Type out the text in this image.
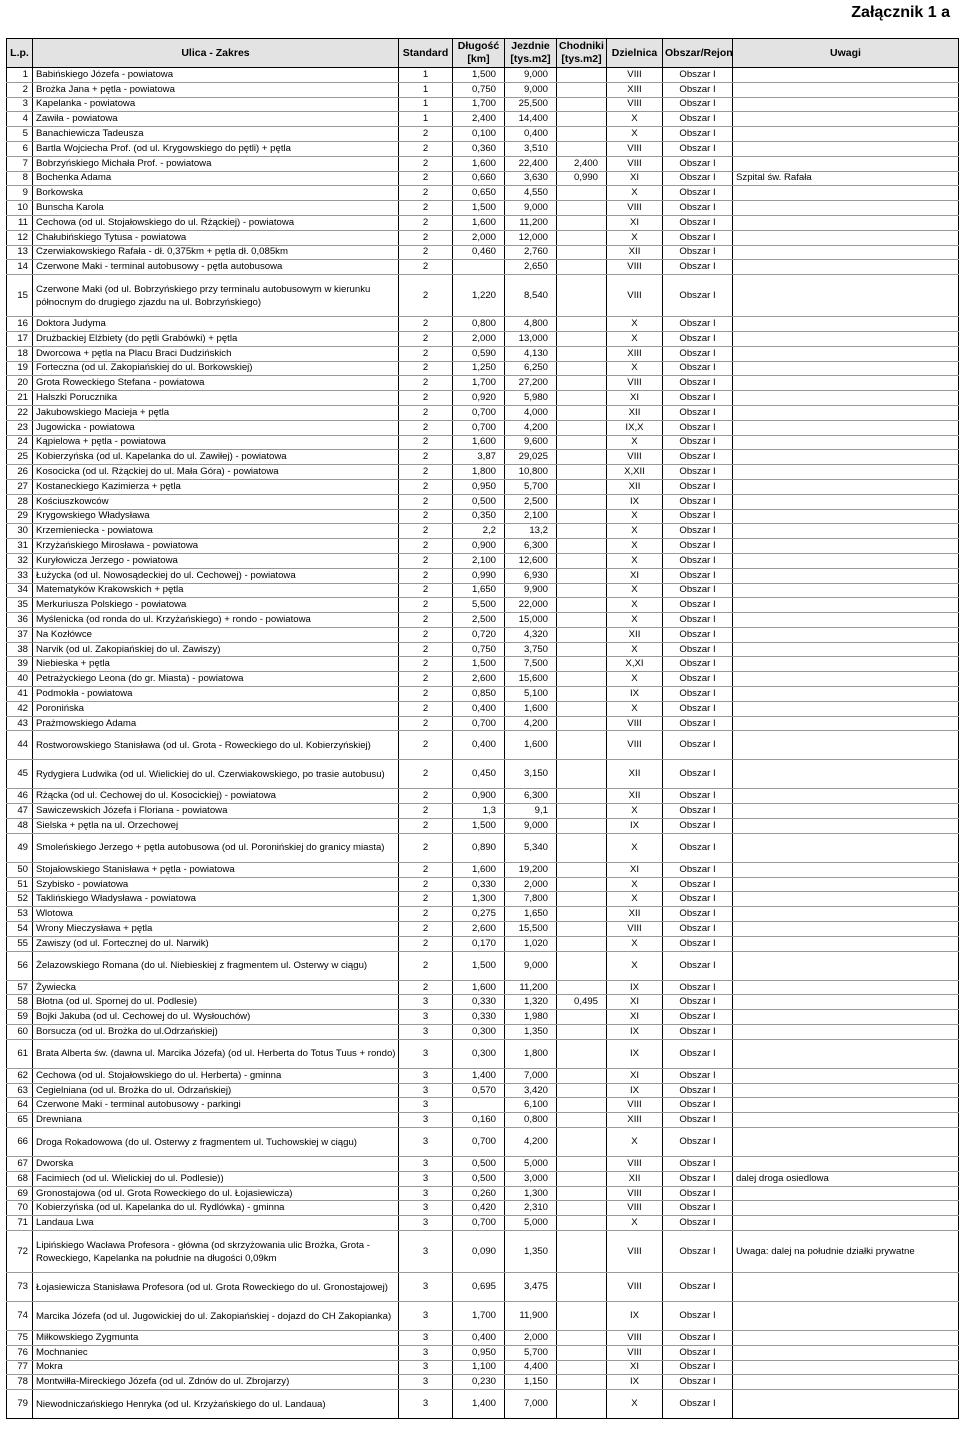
Załącznik 1 a
L.p.	Ulica - Zakres	Standard	Długość [km]	Jezdnie [tys.m2]	Chodniki [tys.m2]	Dzielnica	Obszar/Rejon	Uwagi
1	Babińskiego Józefa - powiatowa	1	1,500	9,000		VIII	Obszar I	
2	Brożka Jana + pętla - powiatowa	1	0,750	9,000		XIII	Obszar I	
3	Kapelanka - powiatowa	1	1,700	25,500		VIII	Obszar I	
4	Zawiła - powiatowa	1	2,400	14,400		X	Obszar I	
5	Banachiewicza Tadeusza	2	0,100	0,400		X	Obszar I	
6	Bartla Wojciecha Prof. (od ul. Krygowskiego do pętli) + pętla	2	0,360	3,510		VIII	Obszar I	
7	Bobrzyńskiego Michała Prof. - powiatowa	2	1,600	22,400	2,400	VIII	Obszar I	
8	Bochenka Adama	2	0,660	3,630	0,990	XI	Obszar I	Szpital św. Rafała
9	Borkowska	2	0,650	4,550		X	Obszar I	
10	Bunscha Karola	2	1,500	9,000		VIII	Obszar I	
11	Cechowa (od ul. Stojałowskiego do ul. Rżąckiej) - powiatowa	2	1,600	11,200		XI	Obszar I	
12	Chałubińskiego Tytusa - powiatowa	2	2,000	12,000		X	Obszar I	
13	Czerwiakowskiego Rafała - dł. 0,375km + pętla dł. 0,085km	2	0,460	2,760		XII	Obszar I	
14	Czerwone Maki - terminal autobusowy - pętla autobusowa	2		2,650		VIII	Obszar I	
15	Czerwone Maki (od ul. Bobrzyńskiego przy terminalu autobusowym w kierunku północnym do drugiego zjazdu na ul. Bobrzyńskiego)	2	1,220	8,540		VIII	Obszar I	
16	Doktora Judyma	2	0,800	4,800		X	Obszar I	
17	Drużbackiej Elżbiety (do pętli Grabówki) + pętla	2	2,000	13,000		X	Obszar I	
18	Dworcowa + pętla na Placu Braci Dudzińskich	2	0,590	4,130		XIII	Obszar I	
19	Forteczna (od ul. Zakopiańskiej do ul. Borkowskiej)	2	1,250	6,250		X	Obszar I	
20	Grota Roweckiego Stefana - powiatowa	2	1,700	27,200		VIII	Obszar I	
21	Halszki Porucznika	2	0,920	5,980		XI	Obszar I	
22	Jakubowskiego Macieja + pętla	2	0,700	4,000		XII	Obszar I	
23	Jugowicka - powiatowa	2	0,700	4,200		IX,X	Obszar I	
24	Kąpielowa + pętla - powiatowa	2	1,600	9,600		X	Obszar I	
25	Kobierzyńska (od ul. Kapelanka do ul. Zawiłej) - powiatowa	2	3,87	29,025		VIII	Obszar I	
26	Kosocicka (od ul. Rżąckiej do ul. Mała Góra) - powiatowa	2	1,800	10,800		X,XII	Obszar I	
27	Kostaneckiego Kazimierza + pętla	2	0,950	5,700		XII	Obszar I	
28	Kościuszkowców	2	0,500	2,500		IX	Obszar I	
29	Krygowskiego Władysława	2	0,350	2,100		X	Obszar I	
30	Krzemieniecka - powiatowa	2	2,2	13,2		X	Obszar I	
31	Krzyżańskiego Mirosława - powiatowa	2	0,900	6,300		X	Obszar I	
32	Kuryłowicza Jerzego - powiatowa	2	2,100	12,600		X	Obszar I	
33	Łużycka (od ul. Nowosądeckiej do ul. Cechowej) - powiatowa	2	0,990	6,930		XI	Obszar I	
34	Matematyków Krakowskich + pętla	2	1,650	9,900		X	Obszar I	
35	Merkuriusza Polskiego - powiatowa	2	5,500	22,000		X	Obszar I	
36	Myślenicka (od ronda do ul. Krzyżańskiego) + rondo - powiatowa	2	2,500	15,000		X	Obszar I	
37	Na Kozłówce	2	0,720	4,320		XII	Obszar I	
38	Narvik (od ul. Zakopiańskiej do ul. Zawiszy)	2	0,750	3,750		X	Obszar I	
39	Niebieska + pętla	2	1,500	7,500		X,XI	Obszar I	
40	Petrażyckiego Leona (do gr. Miasta) - powiatowa	2	2,600	15,600		X	Obszar I	
41	Podmokła - powiatowa	2	0,850	5,100		IX	Obszar I	
42	Poronińska	2	0,400	1,600		X	Obszar I	
43	Prażmowskiego Adama	2	0,700	4,200		VIII	Obszar I	
44	Rostworowskiego Stanisława (od ul. Grota - Roweckiego do ul. Kobierzyńskiej)	2	0,400	1,600		VIII	Obszar I	
45	Rydygiera Ludwika (od ul. Wielickiej do ul. Czerwiakowskiego, po trasie autobusu)	2	0,450	3,150		XII	Obszar I	
46	Rżącka (od ul. Cechowej do ul. Kosocickiej) - powiatowa	2	0,900	6,300		XII	Obszar I	
47	Sawiczewskich Józefa i Floriana - powiatowa	2	1,3	9,1		X	Obszar I	
48	Sielska + pętla na ul. Orzechowej	2	1,500	9,000		IX	Obszar I	
49	Smoleńskiego Jerzego + pętla autobusowa (od ul. Poronińskiej do granicy miasta)	2	0,890	5,340		X	Obszar I	
50	Stojałowskiego Stanisława + pętla - powiatowa	2	1,600	19,200		XI	Obszar I	
51	Szybisko - powiatowa	2	0,330	2,000		X	Obszar I	
52	Taklińskiego Władysława - powiatowa	2	1,300	7,800		X	Obszar I	
53	Wlotowa	2	0,275	1,650		XII	Obszar I	
54	Wrony Mieczysława + pętla	2	2,600	15,500		VIII	Obszar I	
55	Zawiszy (od ul. Fortecznej do ul. Narwik)	2	0,170	1,020		X	Obszar I	
56	Żelazowskiego Romana (do ul. Niebieskiej z fragmentem ul. Osterwy w ciągu)	2	1,500	9,000		X	Obszar I	
57	Żywiecka	2	1,600	11,200		IX	Obszar I	
58	Błotna (od ul. Spornej do ul. Podlesie)	3	0,330	1,320	0,495	XI	Obszar I	
59	Bojki Jakuba (od ul. Cechowej do ul. Wysłouchów)	3	0,330	1,980		XI	Obszar I	
60	Borsucza (od ul. Brożka do ul.Odrzańskiej)	3	0,300	1,350		IX	Obszar I	
61	Brata Alberta św. (dawna ul. Marcika Józefa) (od ul. Herberta do Totus Tuus + rondo)	3	0,300	1,800		IX	Obszar I	
62	Cechowa (od ul. Stojałowskiego do ul. Herberta) - gminna	3	1,400	7,000		XI	Obszar I	
63	Cegielniana (od ul. Brożka do ul. Odrzańskiej)	3	0,570	3,420		IX	Obszar I	
64	Czerwone Maki - terminal autobusowy - parkingi	3		6,100		VIII	Obszar I	
65	Drewniana	3	0,160	0,800		XIII	Obszar I	
66	Droga Rokadowowa (do ul. Osterwy z fragmentem ul. Tuchowskiej w ciągu)	3	0,700	4,200		X	Obszar I	
67	Dworska	3	0,500	5,000		VIII	Obszar I	
68	Facimiech (od ul. Wielickiej do ul. Podlesie))	3	0,500	3,000		XII	Obszar I	dalej droga osiedlowa
69	Gronostajowa (od ul. Grota Roweckiego do ul. Łojasiewicza)	3	0,260	1,300		VIII	Obszar I	
70	Kobierzyńska (od ul. Kapelanka do ul. Rydlówka) - gminna	3	0,420	2,310		VIII	Obszar I	
71	Landaua Lwa	3	0,700	5,000		X	Obszar I	
72	Lipińskiego Wacława Profesora - główna (od skrzyżowania ulic Brożka, Grota - Roweckiego, Kapelanka na południe na długości 0,09km	3	0,090	1,350		VIII	Obszar I	Uwaga: dalej na południe działki prywatne
73	Łojasiewicza Stanisława Profesora (od ul. Grota Roweckiego do ul. Gronostajowej)	3	0,695	3,475		VIII	Obszar I	
74	Marcika Józefa (od ul. Jugowickiej do ul. Zakopiańskiej - dojazd do CH Zakopianka)	3	1,700	11,900		IX	Obszar I	
75	Miłkowskiego Zygmunta	3	0,400	2,000		VIII	Obszar I	
76	Mochnaniec	3	0,950	5,700		VIII	Obszar I	
77	Mokra	3	1,100	4,400		XI	Obszar I	
78	Montwiłła-Mireckiego Józefa (od ul. Zdnów do ul. Zbrojarzy)	3	0,230	1,150		IX	Obszar I	
79	Niewodniczańskiego Henryka (od ul. Krzyżańskiego do ul. Landaua)	3	1,400	7,000		X	Obszar I	
